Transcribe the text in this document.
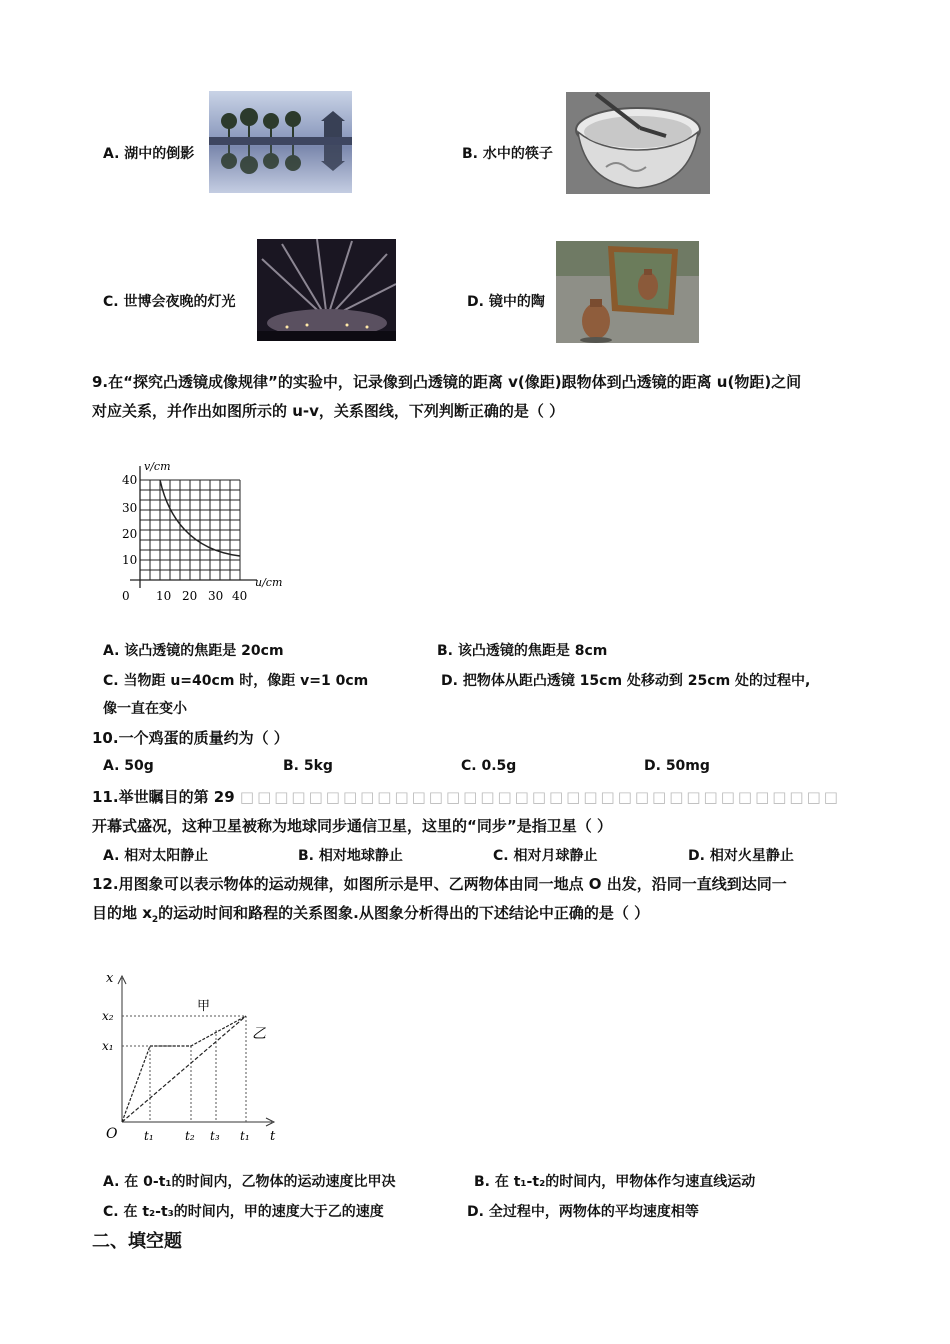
A. 湖中的倒影	B. 水中的筷子
C. 世博会夜晚的灯光	D. 镜中的陶
9.在“探究凸透镜成像规律”的实验中，记录像到凸透镜的距离 v(像距)跟物体到凸透镜的距离 u(物距)之间
对应关系，并作出如图所示的 u-v，关系图线，下列判断正确的是（ ）
v/cm
u/cm
0
40
30
20
10
10 20 30 40
A. 该凸透镜的焦距是 20cm	B. 该凸透镜的焦距是 8cm
C. 当物距 u=40cm 时，像距 v=1 0cm	D. 把物体从距凸透镜 15cm 处移动到 25cm 处的过程中,
像一直在变小
10.一个鸡蛋的质量约为（ ）
A. 50g	B. 5kg	C. 0.5g	D. 50mg
11.举世瞩目的第 29 □□□□□□□□□□□□□□□□□□□□□□□□□□□□□□□□□□□
开幕式盛况，这种卫星被称为地球同步通信卫星，这里的“同步”是指卫星（ ）
A. 相对太阳静止	B. 相对地球静止	C. 相对月球静止	D. 相对火星静止
12.用图象可以表示物体的运动规律，如图所示是甲、乙两物体由同一地点 O 出发，沿同一直线到达同一
目的地 $x_2$的运动时间和路程的关系图象.从图象分析得出的下述结论中正确的是（ ）
x
x₂
x₁
甲
乙
O t₁	t₂ t₃ t₁ t
A. 在 0-t₁的时间内，乙物体的运动速度比甲决	B. 在 t₁-t₂的时间内，甲物体作匀速直线运动
C. 在 t₂-t₃的时间内，甲的速度大于乙的速度	D. 全过程中，两物体的平均速度相等
二、填空题
